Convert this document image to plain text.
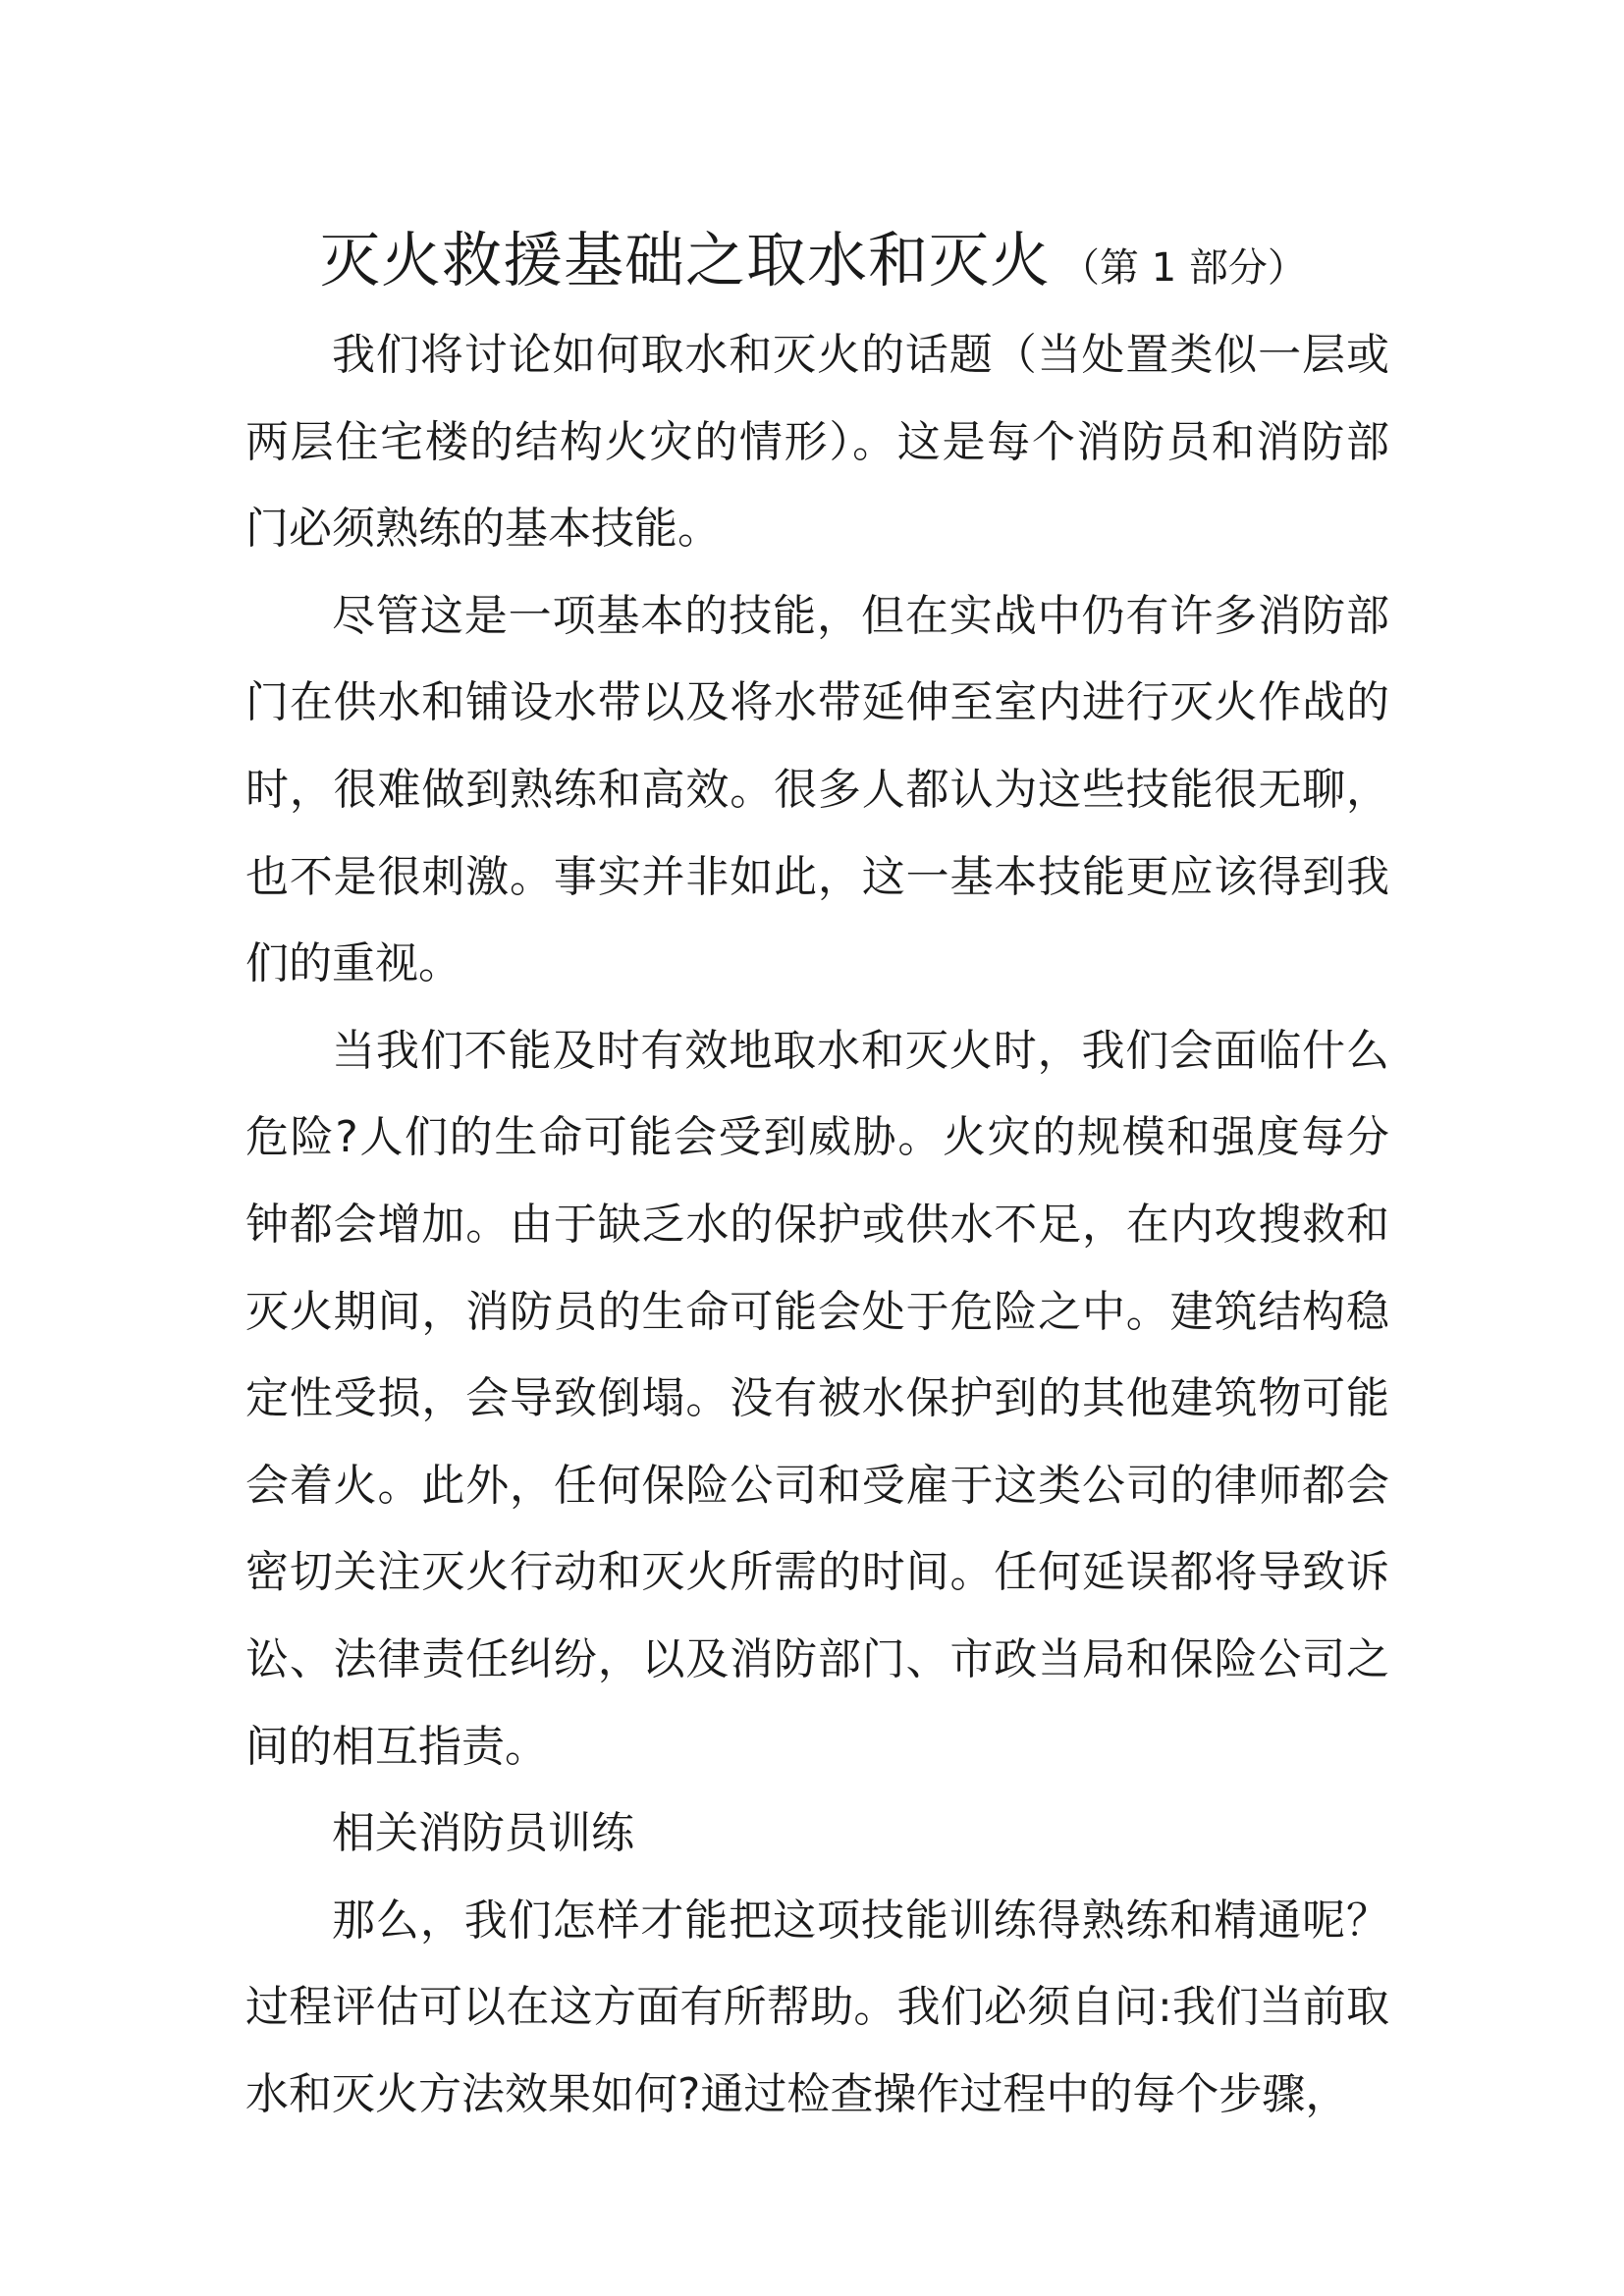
灭火救援基础之取水和灭火 （第 1 部分）

我们将讨论如何取水和灭火的话题（当处置类似一层或两层住宅楼的结构火灾的情形）。这是每个消防员和消防部门必须熟练的基本技能。

尽管这是一项基本的技能，但在实战中仍有许多消防部门在供水和铺设水带以及将水带延伸至室内进行灭火作战的时，很难做到熟练和高效。很多人都认为这些技能很无聊，也不是很刺激。事实并非如此，这一基本技能更应该得到我们的重视。

当我们不能及时有效地取水和灭火时，我们会面临什么危险?人们的生命可能会受到威胁。火灾的规模和强度每分钟都会增加。由于缺乏水的保护或供水不足，在内攻搜救和灭火期间，消防员的生命可能会处于危险之中。建筑结构稳定性受损，会导致倒塌。没有被水保护到的其他建筑物可能会着火。此外，任何保险公司和受雇于这类公司的律师都会密切关注灭火行动和灭火所需的时间。任何延误都将导致诉讼、法律责任纠纷，以及消防部门、市政当局和保险公司之间的相互指责。

相关消防员训练

那么，我们怎样才能把这项技能训练得熟练和精通呢？过程评估可以在这方面有所帮助。我们必须自问:我们当前取水和灭火方法效果如何?通过检查操作过程中的每个步骤，
